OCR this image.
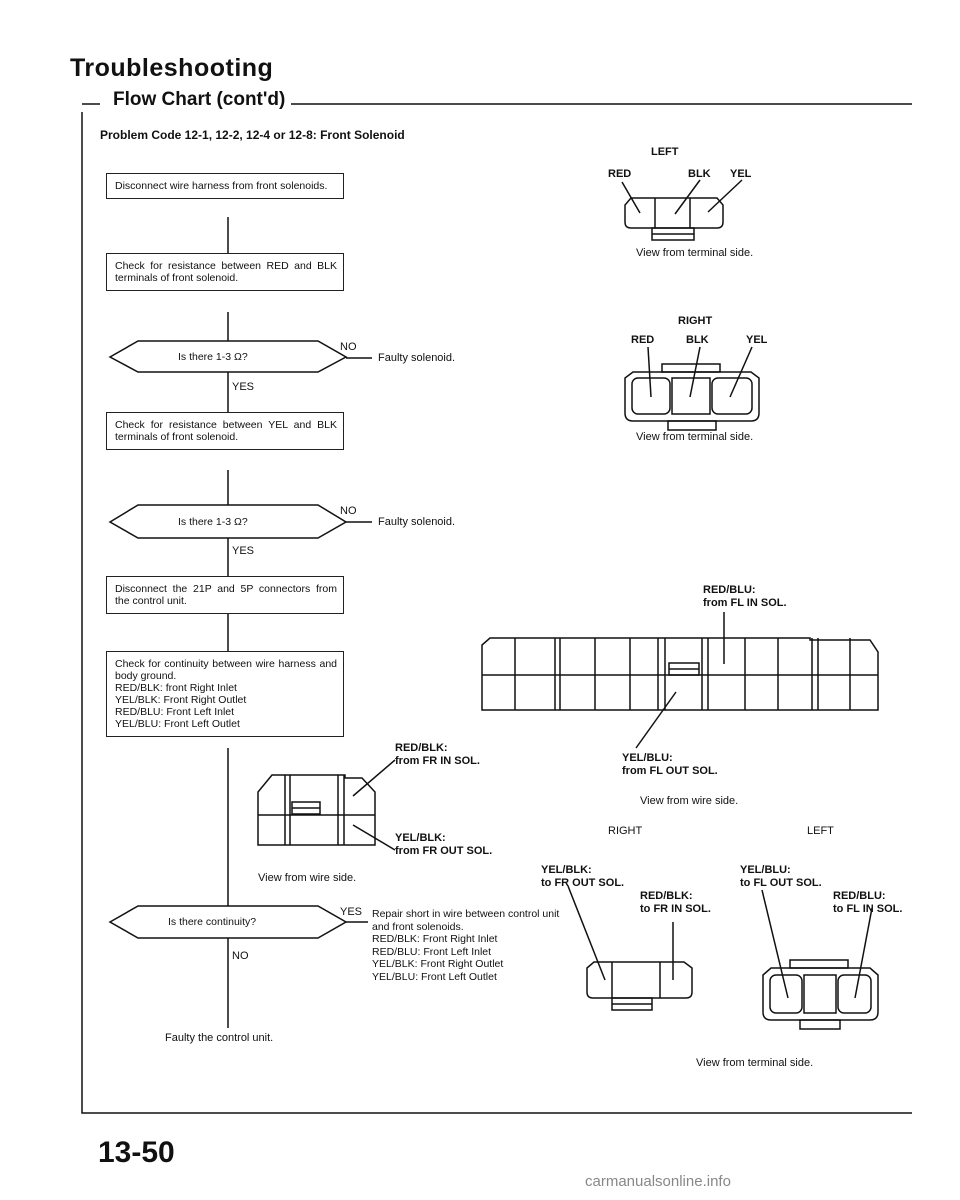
Troubleshooting
Flow Chart (cont'd)
Problem Code 12-1, 12-2, 12-4 or 12-8: Front Solenoid
Disconnect wire harness from front solenoids.
Check for resistance between RED and BLK terminals of front solenoid.
Is there 1-3 Ω?
NO
Faulty solenoid.
YES
Check for resistance between YEL and BLK terminals of front solenoid.
Is there 1-3 Ω?
NO
Faulty solenoid.
YES
Disconnect the 21P and 5P connectors from the control unit.
Check for continuity between wire harness and body ground.
RED/BLK: front Right Inlet
YEL/BLK: Front Right Outlet
RED/BLU: Front Left Inlet
YEL/BLU: Front Left Outlet
Is there continuity?
YES Repair short in wire between control unit and front solenoids.
RED/BLK: Front Right Inlet
RED/BLU: Front Left Inlet
YEL/BLK: Front Right Outlet
YEL/BLU: Front Left Outlet
NO
Faulty the control unit.
LEFT
RED	BLK YEL
View from terminal side.
RIGHT
RED	BLK	YEL
View from terminal side.
RED/BLU:
from FL IN SOL.
YEL/BLU:
from FL OUT SOL.
View from wire side.
RED/BLK:
from FR IN SOL.
YEL/BLK:
from FR OUT SOL.
View from wire side.
RIGHT	LEFT
YEL/BLK:
to FR OUT SOL.
RED/BLK:
to FR IN SOL.
YEL/BLU:
to FL OUT SOL.
RED/BLU:
to FL IN SOL.
View from terminal side.
13-50
carmanualsonline.info
